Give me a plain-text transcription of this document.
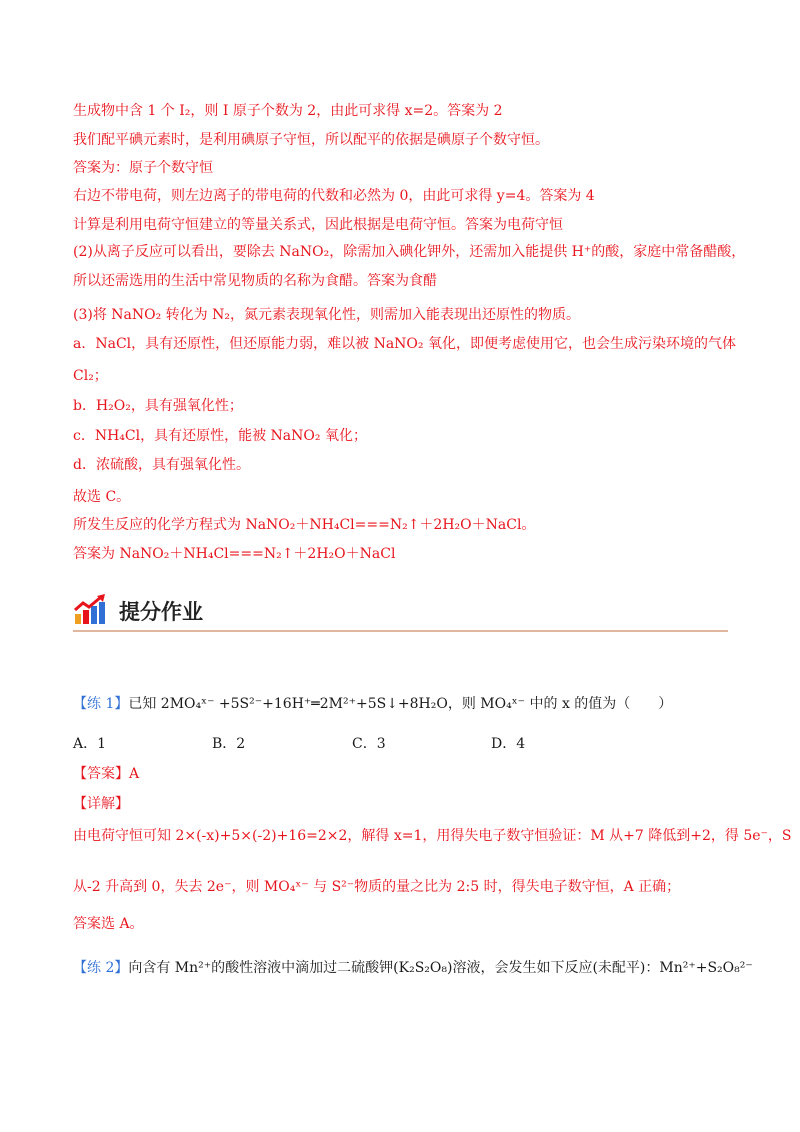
生成物中含 1 个 I₂，则 I 原子个数为 2，由此可求得 x=2。答案为 2
我们配平碘元素时，是利用碘原子守恒，所以配平的依据是碘原子个数守恒。
答案为：原子个数守恒
右边不带电荷，则左边离子的带电荷的代数和必然为 0，由此可求得 y=4。答案为 4
计算是利用电荷守恒建立的等量关系式，因此根据是电荷守恒。答案为电荷守恒
(2)从离子反应可以看出，要除去 NaNO₂，除需加入碘化钾外，还需加入能提供 H⁺的酸，家庭中常备醋酸，
所以还需选用的生活中常见物质的名称为食醋。答案为食醋
(3)将 NaNO₂ 转化为 N₂，氮元素表现氧化性，则需加入能表现出还原性的物质。
a．NaCl，具有还原性，但还原能力弱，难以被 NaNO₂ 氧化，即便考虑使用它，也会生成污染环境的气体
Cl₂；
b．H₂O₂，具有强氧化性；
c．NH₄Cl，具有还原性，能被 NaNO₂ 氧化；
d．浓硫酸，具有强氧化性。
故选 C。
所发生反应的化学方程式为 NaNO₂＋NH₄Cl===N₂↑＋2H₂O＋NaCl。
答案为 NaNO₂＋NH₄Cl===N₂↑＋2H₂O＋NaCl
提分作业
【练 1】已知 2MO₄ˣ⁻ +5S²⁻+16H⁺═2M²⁺+5S↓+8H₂O，则 MO₄ˣ⁻ 中的 x 的值为（　　）
A．1	B．2	C．3	D．4
【答案】A
【详解】
由电荷守恒可知 2×(-x)+5×(-2)+16=2×2，解得 x=1，用得失电子数守恒验证：M 从+7 降低到+2，得 5e⁻，S
从-2 升高到 0，失去 2e⁻，则 MO₄ˣ⁻ 与 S²⁻物质的量之比为 2:5 时，得失电子数守恒，A 正确；
答案选 A。
【练 2】向含有 Mn²⁺的酸性溶液中滴加过二硫酸钾(K₂S₂O₈)溶液，会发生如下反应(未配平)：Mn²⁺+S₂O₈²⁻
